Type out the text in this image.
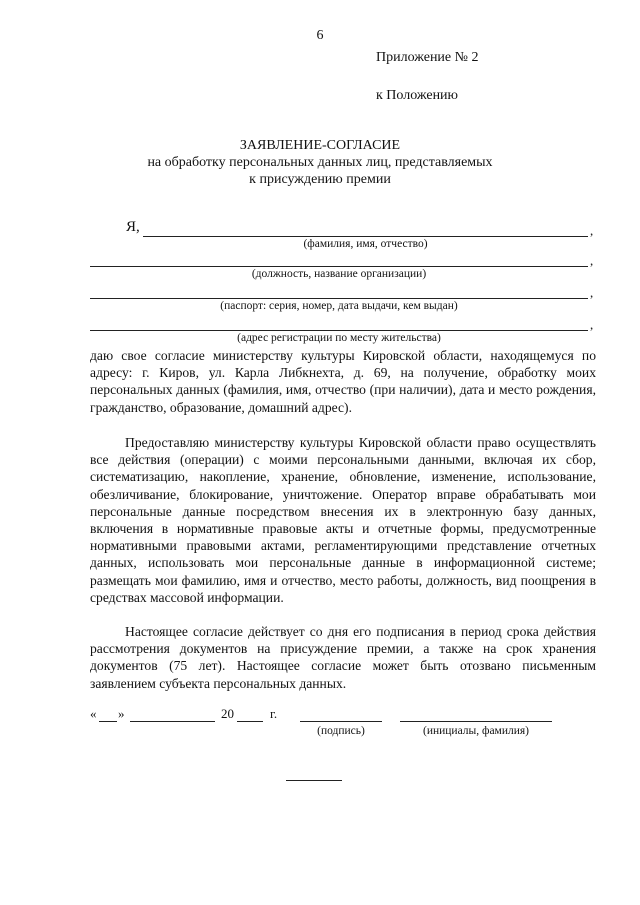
6
Приложение № 2
к Положению
ЗАЯВЛЕНИЕ-СОГЛАСИЕ
на обработку персональных данных лиц, представляемых
к присуждению премии
Я,	,
(фамилия, имя, отчество)
,
(должность, название организации)
,
(паспорт: серия, номер, дата выдачи, кем выдан)
,
(адрес регистрации по месту жительства)
даю свое согласие министерству культуры Кировской области, находящемуся по адресу: г. Киров, ул. Карла Либкнехта, д. 69, на получение, обработку моих персональных данных (фамилия, имя, отчество (при наличии), дата и место рождения, гражданство, образование, домашний адрес).
Предоставляю министерству культуры Кировской области право осуществлять все действия (операции) с моими персональными данными, включая их сбор, систематизацию, накопление, хранение, обновление, изменение, использование, обезличивание, блокирование, уничтожение. Оператор вправе обрабатывать мои персональные данные посредством внесения их в электронную базу данных, включения в нормативные правовые акты и отчетные формы, предусмотренные нормативными правовыми актами, регламентирующими представление отчетных данных, использовать мои персональные данные в информационной системе; размещать мои фамилию, имя и отчество, место работы, должность, вид поощрения в средствах массовой информации.
Настоящее согласие действует со дня его подписания в период срока действия рассмотрения документов на присуждение премии, а также на срок хранения документов (75 лет). Настоящее согласие может быть отозвано письменным заявлением субъекта персональных данных.
« »	20	г.
(подпись)	(инициалы, фамилия)
